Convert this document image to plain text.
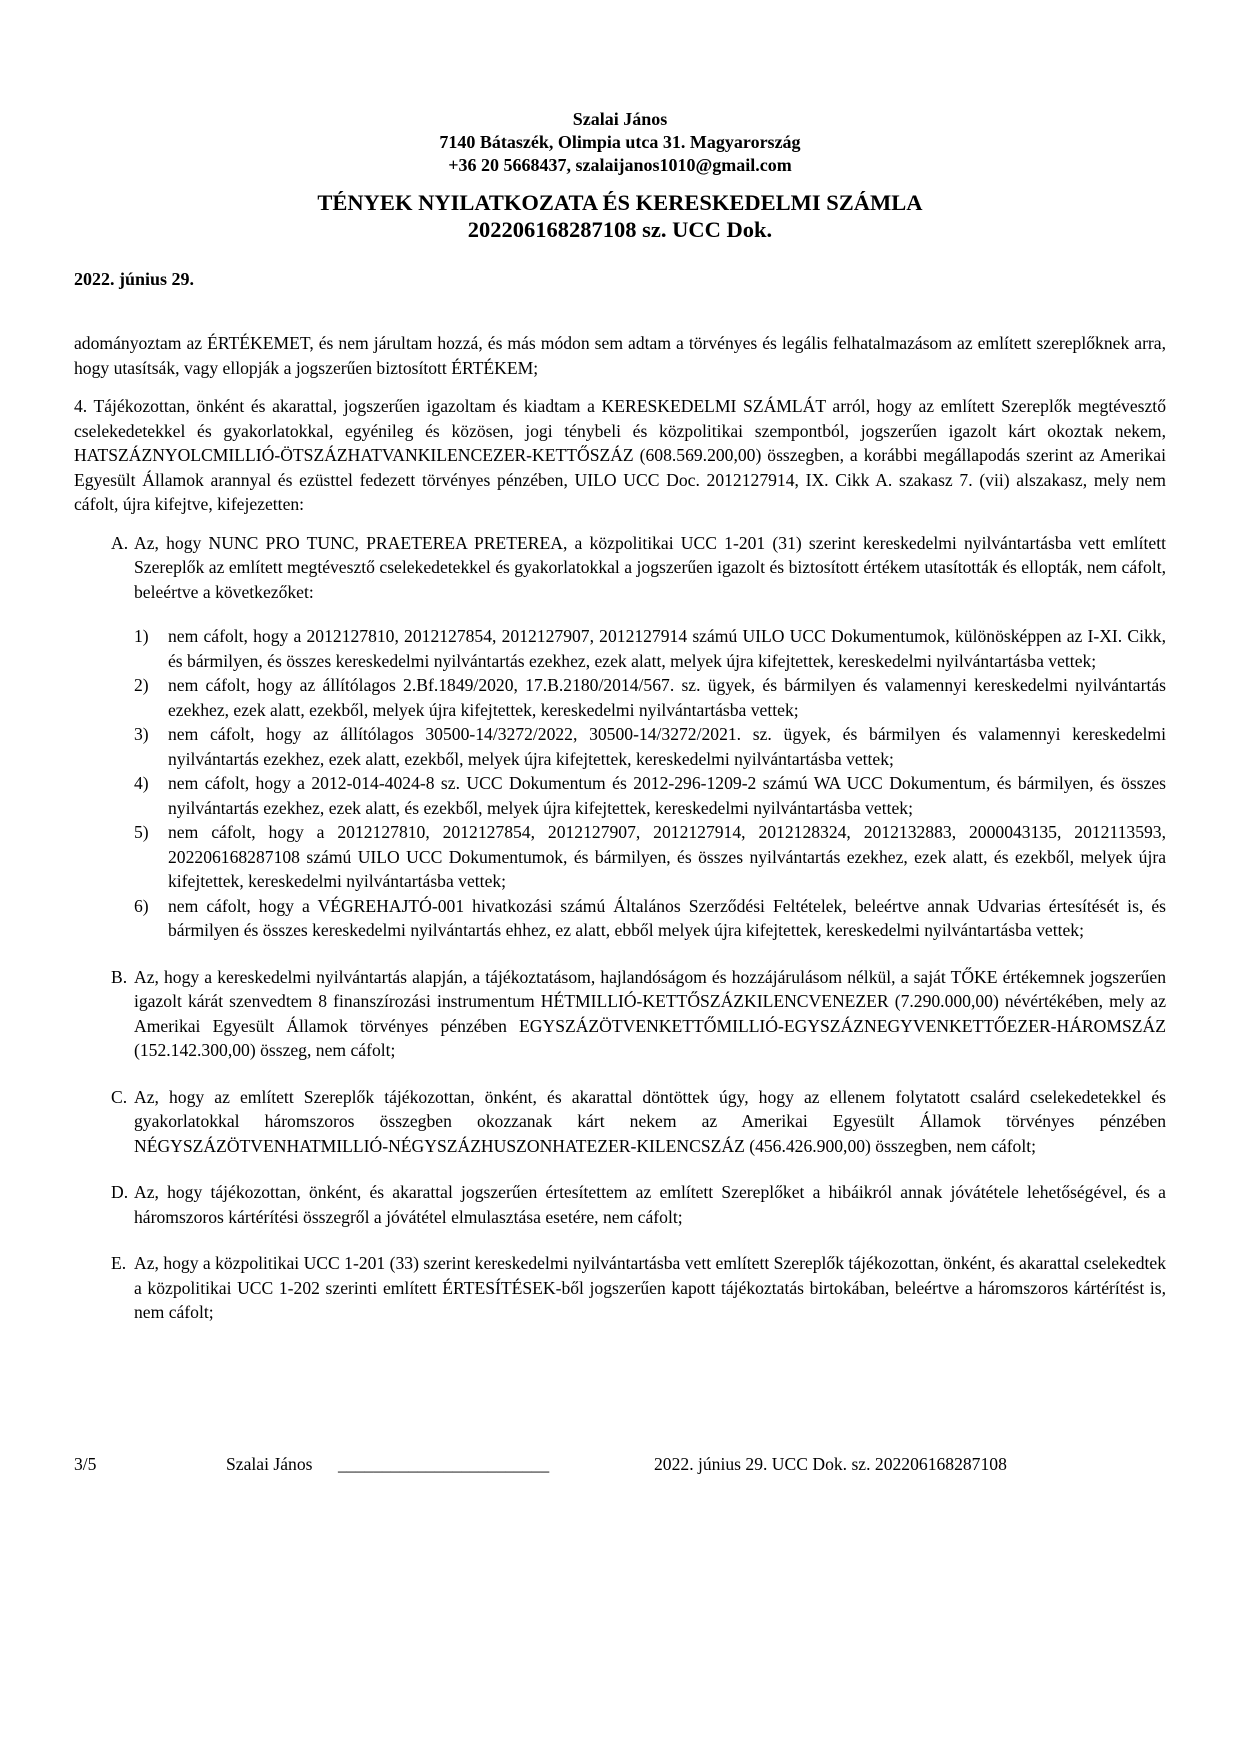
Szalai János
7140 Bátaszék, Olimpia utca 31. Magyarország
+36 20 5668437, szalaijanos1010@gmail.com
TÉNYEK NYILATKOZATA ÉS KERESKEDELMI SZÁMLA
202206168287108 sz. UCC Dok.
2022. június 29.

adományoztam az ÉRTÉKEMET, és nem járultam hozzá, és más módon sem adtam a törvényes és legális felhatalmazásom az említett szereplőknek arra, hogy utasítsák, vagy ellopják a jogszerűen biztosított ÉRTÉKEM;

4. Tájékozottan, önként és akarattal, jogszerűen igazoltam és kiadtam a KERESKEDELMI SZÁMLÁT arról, hogy az említett Szereplők megtévesztő cselekedetekkel és gyakorlatokkal, egyénileg és közösen, jogi ténybeli és közpolitikai szempontból, jogszerűen igazolt kárt okoztak nekem, HATSZÁZNYOLCMILLIÓ-ÖTSZÁZHATVANKILENCEZER-KETTŐSZÁZ (608.569.200,00) összegben, a korábbi megállapodás szerint az Amerikai Egyesült Államok arannyal és ezüsttel fedezett törvényes pénzében, UILO UCC Doc. 2012127914, IX. Cikk A. szakasz 7. (vii) alszakasz, mely nem cáfolt, újra kifejtve, kifejezetten:

A. Az, hogy NUNC PRO TUNC, PRAETEREA PRETEREA, a közpolitikai UCC 1-201 (31) szerint kereskedelmi nyilvántartásba vett említett Szereplők az említett megtévesztő cselekedetekkel és gyakorlatokkal a jogszerűen igazolt és biztosított értékem utasították és ellopták, nem cáfolt, beleértve a következőket:

1)	nem cáfolt, hogy a 2012127810, 2012127854, 2012127907, 2012127914 számú UILO UCC Dokumentumok, különösképpen az I-XI. Cikk, és bármilyen, és összes kereskedelmi nyilvántartás ezekhez, ezek alatt, melyek újra kifejtettek, kereskedelmi nyilvántartásba vettek;

2)	nem cáfolt, hogy az állítólagos 2.Bf.1849/2020, 17.B.2180/2014/567. sz. ügyek, és bármilyen és valamennyi kereskedelmi nyilvántartás ezekhez, ezek alatt, ezekből, melyek újra kifejtettek, kereskedelmi nyilvántartásba vettek;

3)	nem cáfolt, hogy az állítólagos 30500-14/3272/2022, 30500-14/3272/2021. sz. ügyek, és bármilyen és valamennyi kereskedelmi nyilvántartás ezekhez, ezek alatt, ezekből, melyek újra kifejtettek, kereskedelmi nyilvántartásba vettek;

4)	nem cáfolt, hogy a 2012-014-4024-8 sz. UCC Dokumentum és 2012-296-1209-2 számú WA UCC Dokumentum, és bármilyen, és összes nyilvántartás ezekhez, ezek alatt, és ezekből, melyek újra kifejtettek, kereskedelmi nyilvántartásba vettek;

5)	nem cáfolt, hogy a 2012127810, 2012127854, 2012127907, 2012127914, 2012128324, 2012132883, 2000043135, 2012113593, 202206168287108 számú UILO UCC Dokumentumok, és bármilyen, és összes nyilvántartás ezekhez, ezek alatt, és ezekből, melyek újra kifejtettek, kereskedelmi nyilvántartásba vettek;

6)	nem cáfolt, hogy a VÉGREHAJTÓ-001 hivatkozási számú Általános Szerződési Feltételek, beleértve annak Udvarias értesítését is, és bármilyen és összes kereskedelmi nyilvántartás ehhez, ez alatt, ebből melyek újra kifejtettek, kereskedelmi nyilvántartásba vettek;

B. Az, hogy a kereskedelmi nyilvántartás alapján, a tájékoztatásom, hajlandóságom és hozzájárulásom nélkül, a saját TŐKE értékemnek jogszerűen igazolt kárát szenvedtem 8 finanszírozási instrumentum HÉTMILLIÓ-KETTŐSZÁZKILENCVENEZER (7.290.000,00) névértékében, mely az Amerikai Egyesült Államok törvényes pénzében EGYSZÁZÖTVENKETTŐMILLIÓ-EGYSZÁZNEGYVENKETTŐEZER-HÁROMSZÁZ (152.142.300,00) összeg, nem cáfolt;

C. Az, hogy az említett Szereplők tájékozottan, önként, és akarattal döntöttek úgy, hogy az ellenem folytatott csalárd cselekedetekkel és gyakorlatokkal háromszoros összegben okozzanak kárt nekem az Amerikai Egyesült Államok törvényes pénzében NÉGYSZÁZÖTVENHATMILLIÓ-NÉGYSZÁZHUSZONHATEZER-KILENCSZÁZ (456.426.900,00) összegben, nem cáfolt;

D. Az, hogy tájékozottan, önként, és akarattal jogszerűen értesítettem az említett Szereplőket a hibáikról annak jóvátétele lehetőségével, és a háromszoros kártérítési összegről a jóvátétel elmulasztása esetére, nem cáfolt;

E. Az, hogy a közpolitikai UCC 1-201 (33) szerint kereskedelmi nyilvántartásba vett említett Szereplők tájékozottan, önként, és akarattal cselekedtek a közpolitikai UCC 1-202 szerinti említett ÉRTESÍTÉSEK-ből jogszerűen kapott tájékoztatás birtokában, beleértve a háromszoros kártérítést is, nem cáfolt;

3/5	Szalai János ________________________	2022. június 29. UCC Dok. sz. 202206168287108
